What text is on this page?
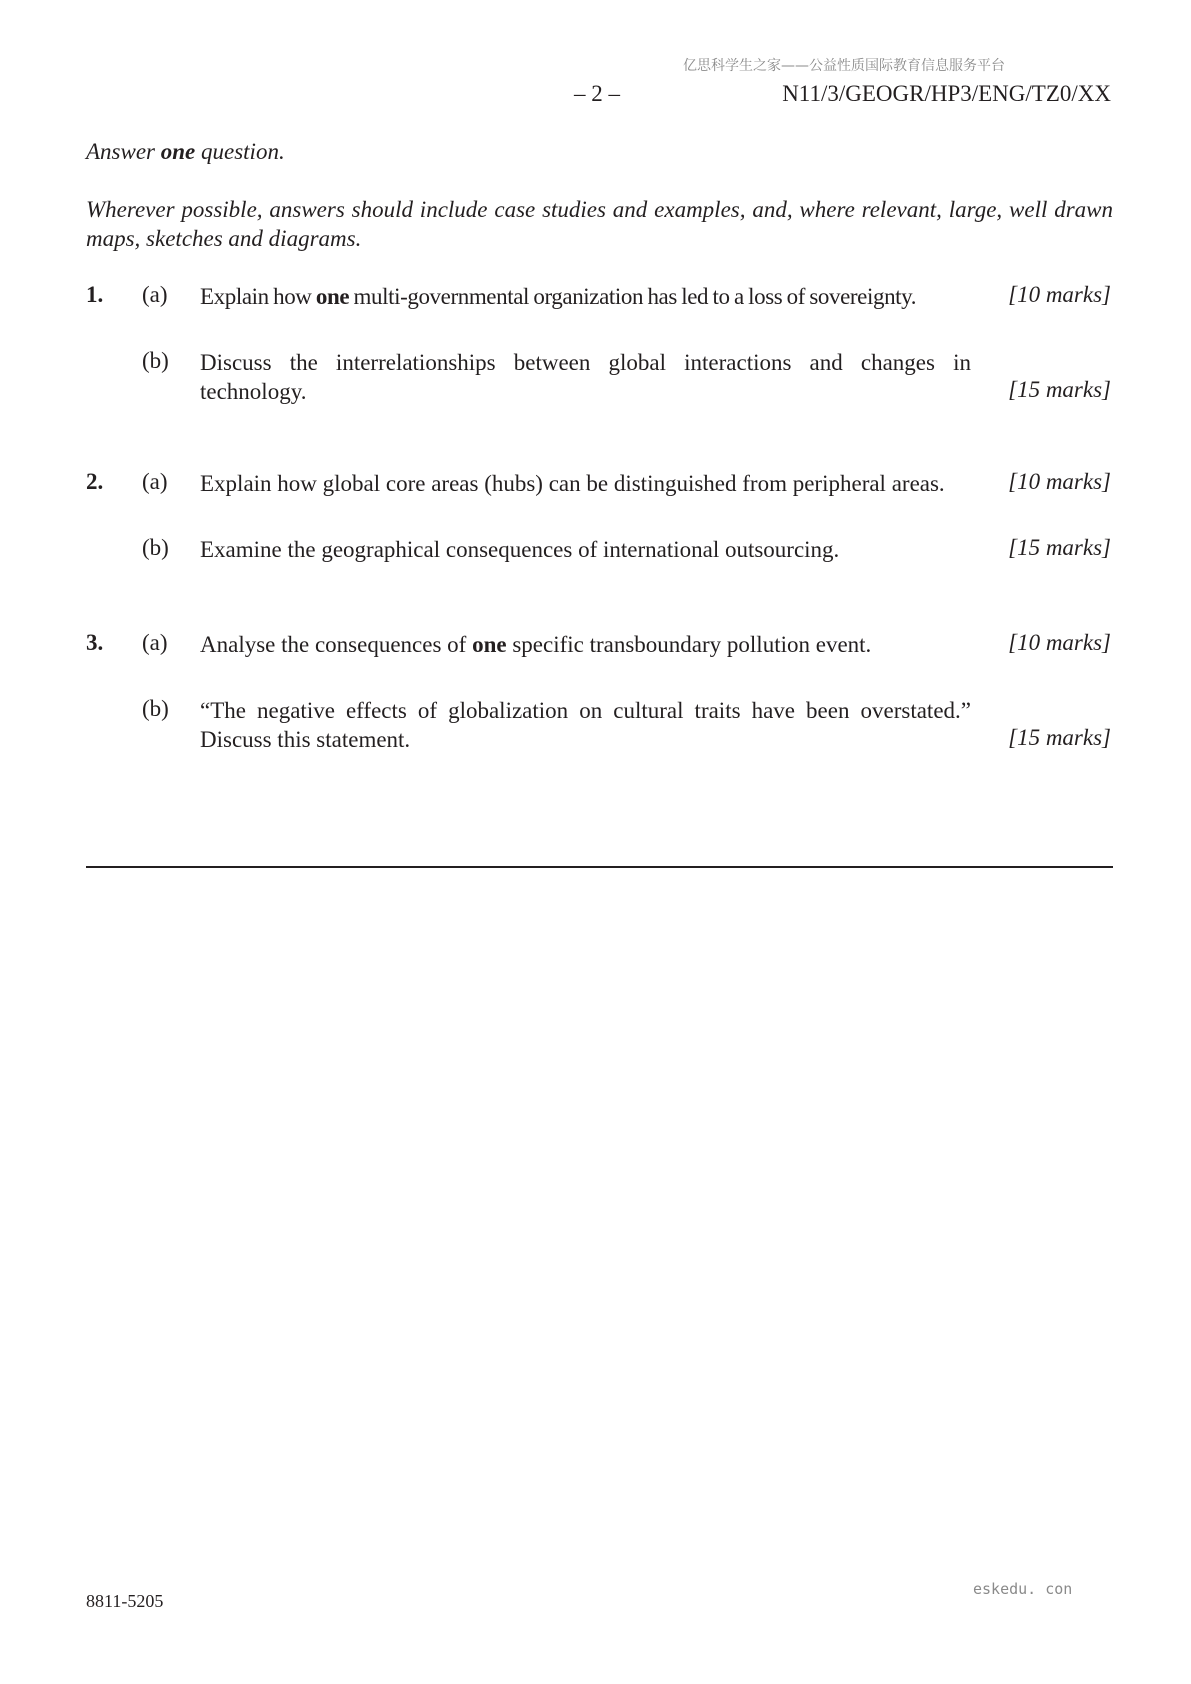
亿思科学生之家——公益性质国际教育信息服务平台
– 2 –	N11/3/GEOGR/HP3/ENG/TZ0/XX
Answer one question.
Wherever possible, answers should include case studies and examples, and, where relevant, large, well drawn maps, sketches and diagrams.
1. (a) Explain how one multi-governmental organization has led to a loss of sovereignty.	[10 marks]
(b) Discuss the interrelationships between global interactions and changes in technology.	[15 marks]
2. (a) Explain how global core areas (hubs) can be distinguished from peripheral areas.	[10 marks]
(b) Examine the geographical consequences of international outsourcing.	[15 marks]
3. (a) Analyse the consequences of one specific transboundary pollution event.	[10 marks]
(b) “The negative effects of globalization on cultural traits have been overstated.”
Discuss this statement.	[15 marks]
8811-5205
eskedu. con
